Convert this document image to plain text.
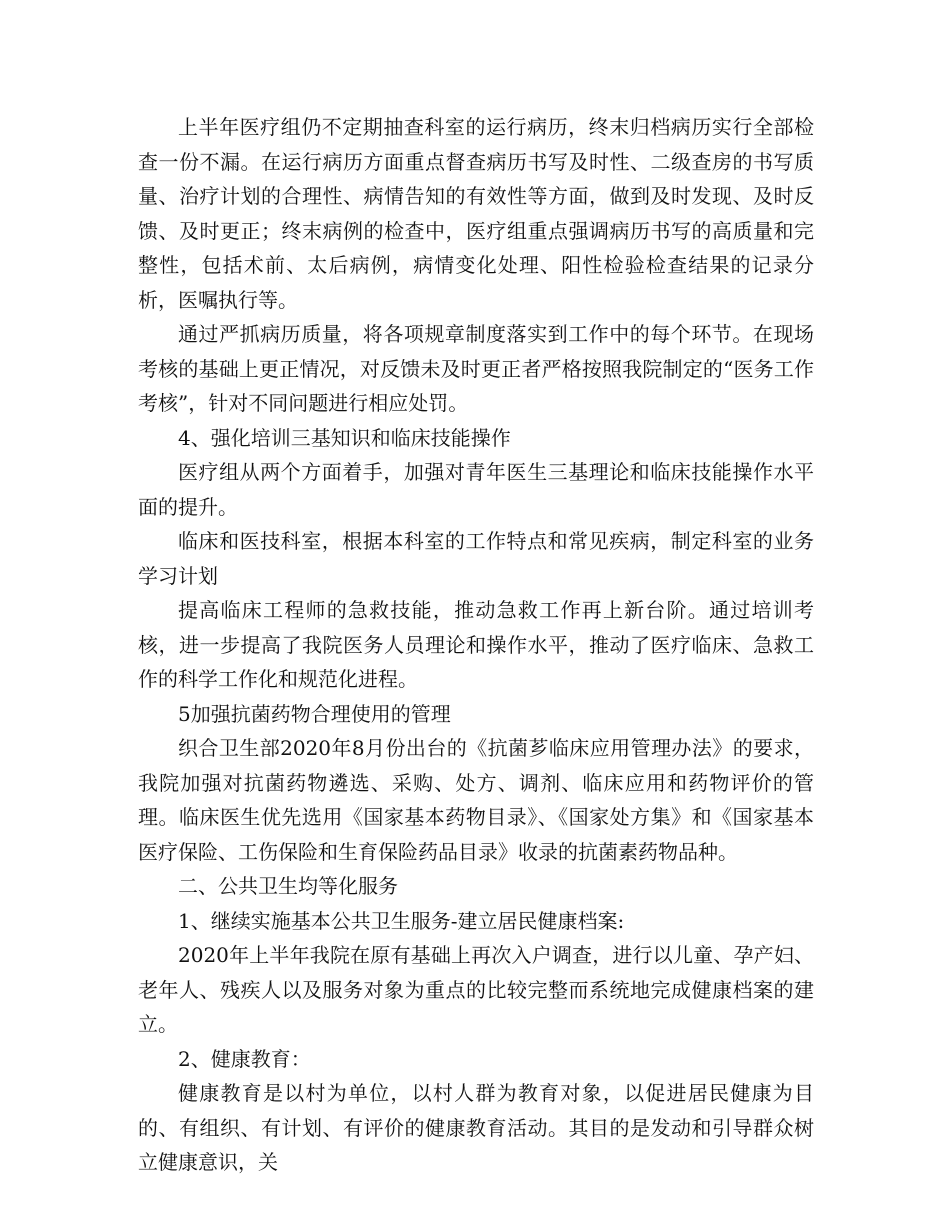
上半年医疗组仍不定期抽查科室的运行病历，终末归档病历实行全部检查一份不漏。在运行病历方面重点督查病历书写及时性、二级查房的书写质量、治疗计划的合理性、病情告知的有效性等方面，做到及时发现、及时反馈、及时更正；终末病例的检查中，医疗组重点强调病历书写的高质量和完整性，包括术前、太后病例，病情变化处理、阳性检验检查结果的记录分析，医嘱执行等。

通过严抓病历质量，将各项规章制度落实到工作中的每个环节。在现场考核的基础上更正情况，对反馈未及时更正者严格按照我院制定的“医务工作考核”，针对不同问题进行相应处罚。

4、强化培训三基知识和临床技能操作

医疗组从两个方面着手，加强对青年医生三基理论和临床技能操作水平面的提升。

临床和医技科室，根据本科室的工作特点和常见疾病，制定科室的业务学习计划

提高临床工程师的急救技能，推动急救工作再上新台阶。通过培训考核，进一步提高了我院医务人员理论和操作水平，推动了医疗临床、急救工作的科学工作化和规范化进程。

5加强抗菌药物合理使用的管理

织合卫生部2020年8月份出台的《抗菌芗临床应用管理办法》的要求，我院加强对抗菌药物遴选、采购、处方、调剂、临床应用和药物评价的管理。临床医生优先选用《国家基本药物目录》、《国家处方集》和《国家基本医疗保险、工伤保险和生育保险药品目录》收录的抗菌素药物品种。

二、公共卫生均等化服务

1、继续实施基本公共卫生服务-建立居民健康档案:

2020年上半年我院在原有基础上再次入户调查，进行以儿童、孕产妇、老年人、残疾人以及服务对象为重点的比较完整而系统地完成健康档案的建立。

2、健康教育：

健康教育是以村为单位，以村人群为教育对象，以促进居民健康为目的、有组织、有计划、有评价的健康教育活动。其目的是发动和引导群众树立健康意识，关
